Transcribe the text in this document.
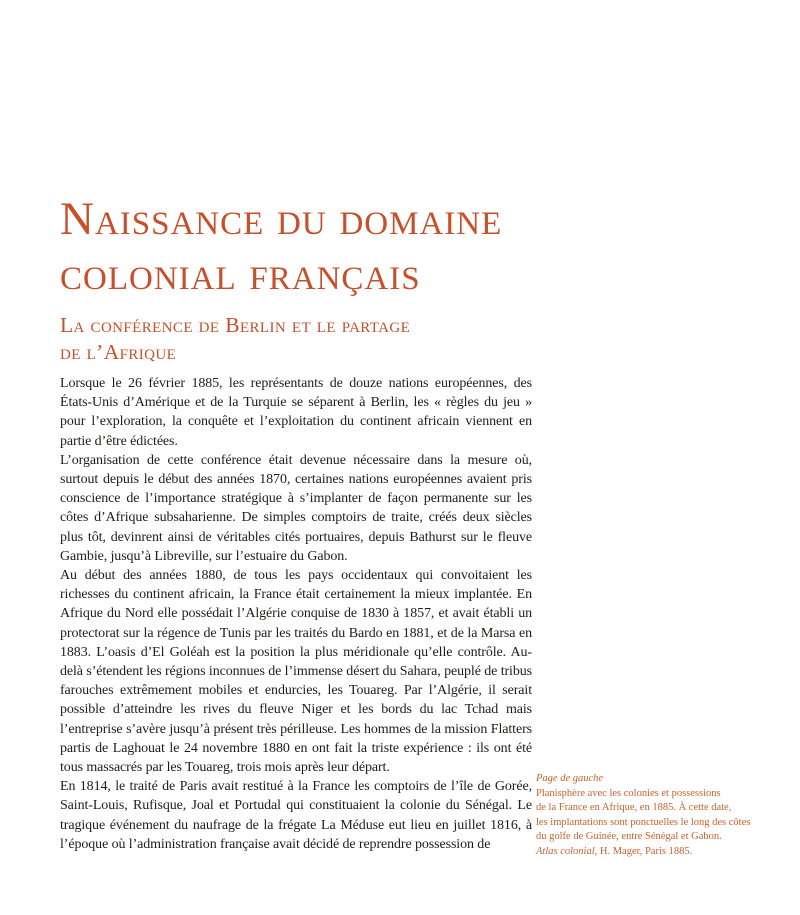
Naissance du domaine
colonial français
La conférence de Berlin et le partage
de l’Afrique

Lorsque le 26 février 1885, les représentants de douze nations européennes, des États-Unis d’Amérique et de la Turquie se séparent à Berlin, les « règles du jeu » pour l’exploration, la conquête et l’exploitation du continent africain viennent en partie d’être édictées.

L’organisation de cette conférence était devenue nécessaire dans la mesure où, surtout depuis le début des années 1870, certaines nations européennes avaient pris conscience de l’importance stratégique à s’implanter de façon permanente sur les côtes d’Afrique subsaharienne. De simples comptoirs de traite, créés deux siècles plus tôt, devinrent ainsi de véritables cités portuaires, depuis Bathurst sur le fleuve Gambie, jusqu’à Libreville, sur l’estuaire du Gabon.

Au début des années 1880, de tous les pays occidentaux qui convoitaient les richesses du continent africain, la France était certainement la mieux implantée. En Afrique du Nord elle possédait l’Algérie conquise de 1830 à 1857, et avait établi un protectorat sur la régence de Tunis par les traités du Bardo en 1881, et de la Marsa en 1883. L’oasis d’El Goléah est la position la plus méridionale qu’elle contrôle. Au-delà s’étendent les régions inconnues de l’immense désert du Sahara, peuplé de tribus farouches extrêmement mobiles et endurcies, les Touareg. Par l’Algérie, il serait possible d’atteindre les rives du fleuve Niger et les bords du lac Tchad mais l’entreprise s’avère jusqu’à présent très périlleuse. Les hommes de la mission Flatters partis de Laghouat le 24 novembre 1880 en ont fait la triste expérience : ils ont été tous massacrés par les Touareg, trois mois après leur départ.

En 1814, le traité de Paris avait restitué à la France les comptoirs de l’île de Gorée, Saint-Louis, Rufisque, Joal et Portudal qui constituaient la colonie du Sénégal. Le tragique événement du naufrage de la frégate La Méduse eut lieu en juillet 1816, à l’époque où l’administration française avait décidé de reprendre possession de

Page de gauche
Planisphère avec les colonies et possessions
de la France en Afrique, en 1885. À cette date,
les implantations sont ponctuelles le long des côtes
du golfe de Guinée, entre Sénégal et Gabon.
Atlas colonial, H. Mager, Paris 1885.
